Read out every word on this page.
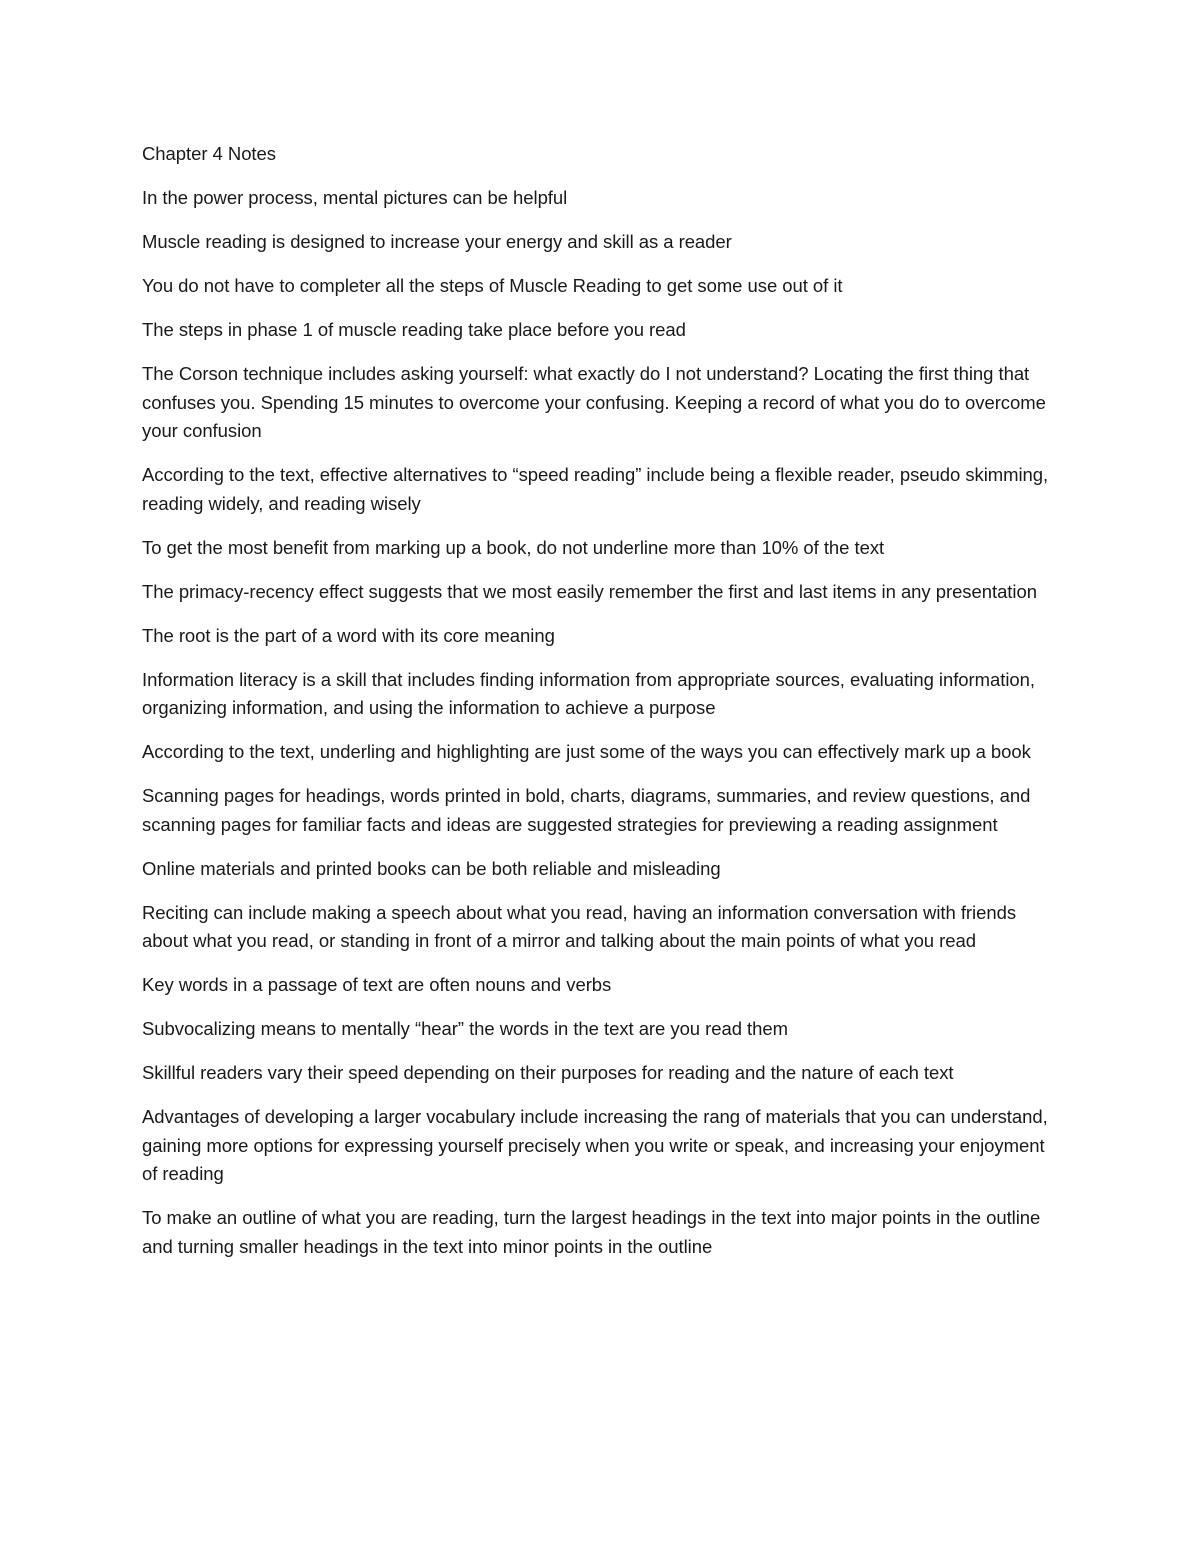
Chapter 4 Notes

In the power process, mental pictures can be helpful

Muscle reading is designed to increase your energy and skill as a reader

You do not have to completer all the steps of Muscle Reading to get some use out of it

The steps in phase 1 of muscle reading take place before you read

The Corson technique includes asking yourself: what exactly do I not understand? Locating the first thing that confuses you. Spending 15 minutes to overcome your confusing. Keeping a record of what you do to overcome your confusion

According to the text, effective alternatives to “speed reading” include being a flexible reader, pseudo skimming, reading widely, and reading wisely

To get the most benefit from marking up a book, do not underline more than 10% of the text

The primacy-recency effect suggests that we most easily remember the first and last items in any presentation

The root is the part of a word with its core meaning

Information literacy is a skill that includes finding information from appropriate sources, evaluating information, organizing information, and using the information to achieve a purpose

According to the text, underling and highlighting are just some of the ways you can effectively mark up a book

Scanning pages for headings, words printed in bold, charts, diagrams, summaries, and review questions, and scanning pages for familiar facts and ideas are suggested strategies for previewing a reading assignment

Online materials and printed books can be both reliable and misleading

Reciting can include making a speech about what you read, having an information conversation with friends about what you read, or standing in front of a mirror and talking about the main points of what you read

Key words in a passage of text are often nouns and verbs

Subvocalizing means to mentally “hear” the words in the text are you read them

Skillful readers vary their speed depending on their purposes for reading and the nature of each text

Advantages of developing a larger vocabulary include increasing the rang of materials that you can understand, gaining more options for expressing yourself precisely when you write or speak, and increasing your enjoyment of reading

To make an outline of what you are reading, turn the largest headings in the text into major points in the outline and turning smaller headings in the text into minor points in the outline
